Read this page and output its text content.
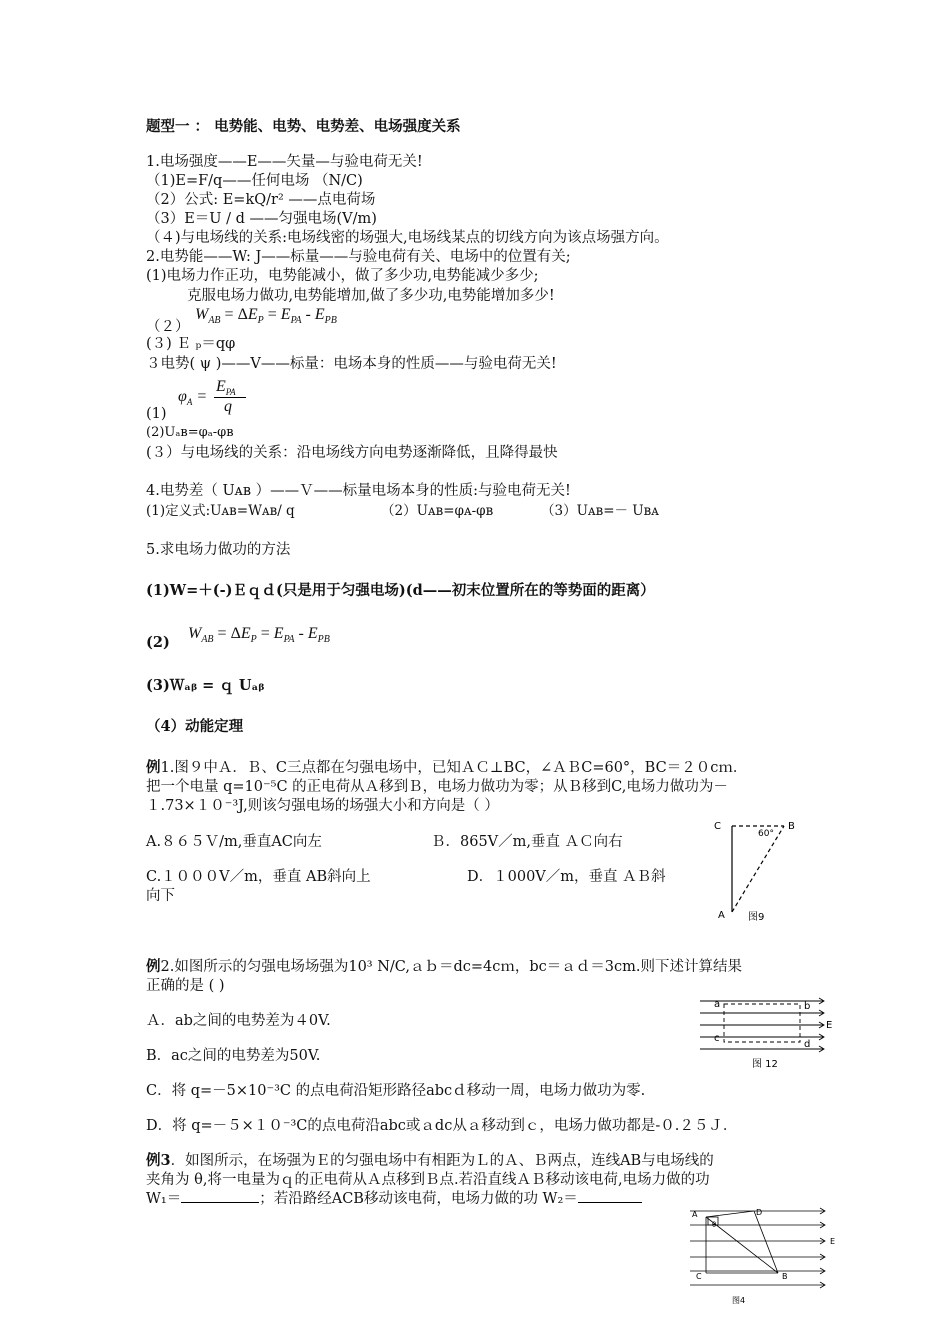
题型一 ： 电势能、电势、电势差、电场强度关系
1.电场强度——E——矢量—与验电荷无关!
（1)E=F/q——任何电场 （N/C)
（2）公式: E=kQ/r² ——点电荷场
（3）E＝U / d ——匀强电场(V/m)
（４)与电场线的关系:电场线密的场强大,电场线某点的切线方向为该点场强方向。
2.电势能——W: J——标量——与验电荷有关、电场中的位置有关;
(1)电场力作正功，电势能减小，做了多少功,电势能减少多少;
克服电场力做功,电势能增加,做了多少功,电势能增加多少!
（２）
$W_{AB} = \Delta E_P = E_{PA} - E_{PB}$
(３) Ｅ ₚ＝qφ
３电势( ψ )——V——标量：电场本身的性质——与验电荷无关!
$\varphi_A$ =
$E_{PA}$
q
(1)
(2)Uₐʙ=φₐ-φʙ
(３）与电场线的关系：沿电场线方向电势逐渐降低，且降得最快
4.电势差（ Uᴀʙ ）——Ｖ——标量电场本身的性质:与验电荷无关!
(1)定义式:Uᴀʙ=Wᴀʙ/ q	（2）Uᴀʙ=φᴀ-φʙ	（3）Uᴀʙ=－ Uʙᴀ
5.求电场力做功的方法
(1)W=＋(-)Ｅｑｄ(只是用于匀强电场)(d——初末位置所在的等势面的距离）
(2)
$W_{AB} = \Delta E_P = E_{PA} - E_{PB}$
(3)Ｗₐᵦ = ｑ Uₐᵦ
（4）动能定理
例1.图９中Ａ．Ｂ、C三点都在匀强电场中，已知ＡＣ⊥BC，∠ＡＢC=60°，BC＝２０cｍ．
把一个电量 q=10⁻⁵C 的正电荷从Ａ移到Ｂ，电场力做功为零；从Ｂ移到C,电场力做功为－
１.73×１０⁻³J,则该匀强电场的场强大小和方向是（ ）
A.８６５Ｖ/m,垂直AC向左	Ｂ．865V／m,垂直 ＡＣ向右
C.１０００V／m，垂直 AB斜向上
向下
D．１000V／m，垂直 ＡＢ斜
C	B
A
60°
图9
例2.如图所示的匀强电场场强为10³ N/C,ａｂ＝dc=4cｍ，bc＝ａｄ＝3cm.则下述计算结果
正确的是 ( )
Ａ．ab之间的电势差为４0V.
B．ac之间的电势差为50V.
C．将 q=－5×10⁻³C 的点电荷沿矩形路径abcｄ移动一周，电场力做功为零.
D．将 q=－５×１０⁻³C的点电荷沿abc或ａdc从ａ移动到ｃ，电场力做功都是-０.２５Ｊ．
a	b
c
d
E
图 12
例3．如图所示，在场强为Ｅ的匀强电场中有相距为Ｌ的Ａ、Ｂ两点，连线AB与电场线的
夹角为 θ,将一电量为ｑ的正电荷从Ａ点移到Ｂ点.若沿直线ＡＢ移动该电荷,电场力做的功
W₁＝	；若沿路经ACB移动该电荷，电场力做的功 W₂＝
A	D
C	B
E
θ
图4
